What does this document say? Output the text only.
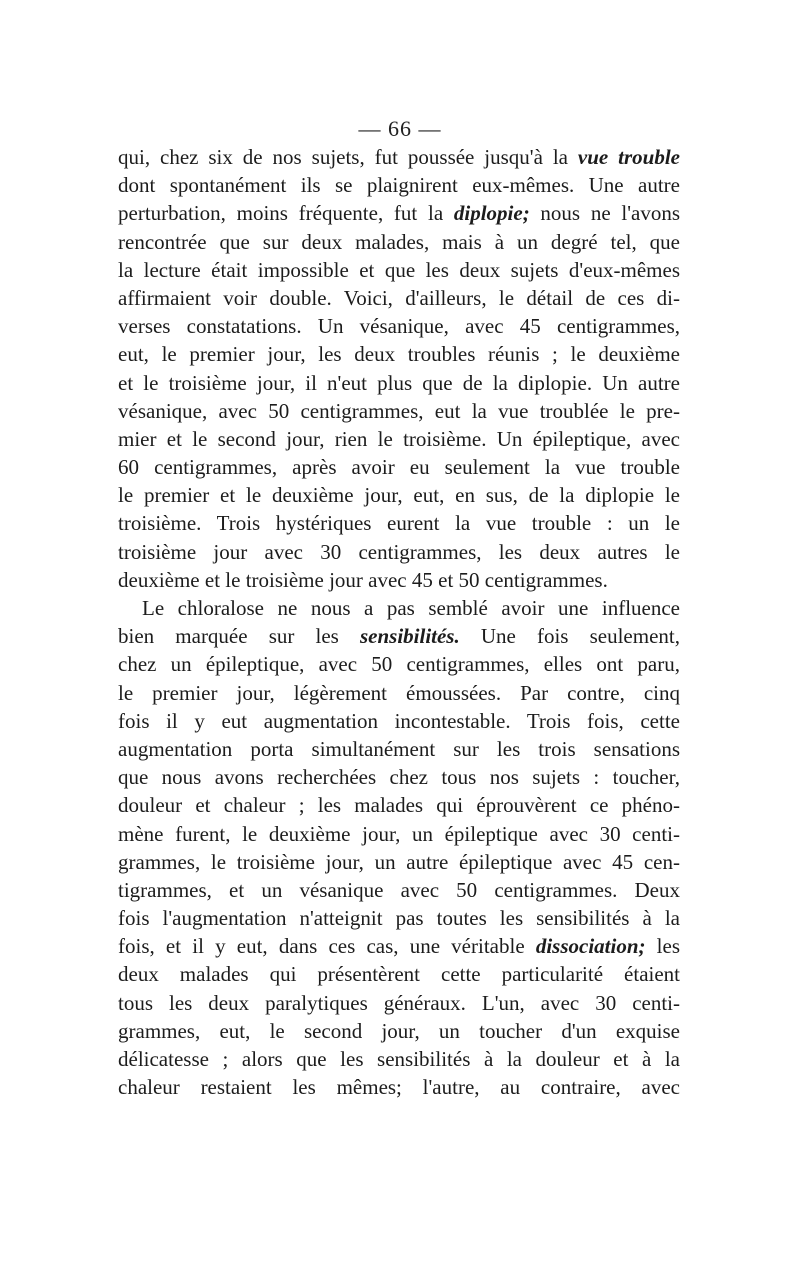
— 66 —
qui, chez six de nos sujets, fut poussée jusqu'à la vue trouble
dont spontanément ils se plaignirent eux-mêmes. Une autre
perturbation, moins fréquente, fut la diplopie; nous ne l'avons
rencontrée que sur deux malades, mais à un degré tel, que
la lecture était impossible et que les deux sujets d'eux-mêmes
affirmaient voir double. Voici, d'ailleurs, le détail de ces di-
verses constatations. Un vésanique, avec 45 centigrammes,
eut, le premier jour, les deux troubles réunis ; le deuxième
et le troisième jour, il n'eut plus que de la diplopie. Un autre
vésanique, avec 50 centigrammes, eut la vue troublée le pre-
mier et le second jour, rien le troisième. Un épileptique, avec
60 centigrammes, après avoir eu seulement la vue trouble
le premier et le deuxième jour, eut, en sus, de la diplopie le
troisième. Trois hystériques eurent la vue trouble : un le
troisième jour avec 30 centigrammes, les deux autres le
deuxième et le troisième jour avec 45 et 50 centigrammes.
Le chloralose ne nous a pas semblé avoir une influence
bien marquée sur les sensibilités. Une fois seulement,
chez un épileptique, avec 50 centigrammes, elles ont paru,
le premier jour, légèrement émoussées. Par contre, cinq
fois il y eut augmentation incontestable. Trois fois, cette
augmentation porta simultanément sur les trois sensations
que nous avons recherchées chez tous nos sujets : toucher,
douleur et chaleur ; les malades qui éprouvèrent ce phéno-
mène furent, le deuxième jour, un épileptique avec 30 centi-
grammes, le troisième jour, un autre épileptique avec 45 cen-
tigrammes, et un vésanique avec 50 centigrammes. Deux
fois l'augmentation n'atteignit pas toutes les sensibilités à la
fois, et il y eut, dans ces cas, une véritable dissociation; les
deux malades qui présentèrent cette particularité étaient
tous les deux paralytiques généraux. L'un, avec 30 centi-
grammes, eut, le second jour, un toucher d'un exquise
délicatesse ; alors que les sensibilités à la douleur et à la
chaleur restaient les mêmes; l'autre, au contraire, avec
